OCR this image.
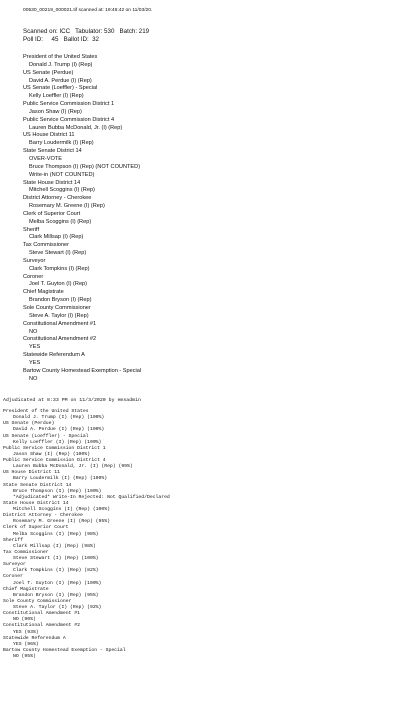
00530_00219_000021.tif scanned at: 19:46:42 on 11/03/20.
Scanned on: ICC   Tabulator: 530   Batch: 219
Poll ID:     45   Ballot ID:  32
President of the United States
Donald J. Trump (I) (Rep)
US Senate (Perdue)
David A. Perdue (I) (Rep)
US Senate (Loeffler) - Special
Kelly Loeffler (I) (Rep)
Public Service Commission District 1
Jason Shaw (I) (Rep)
Public Service Commission District 4
Lauren Bubba McDonald, Jr. (I) (Rep)
US House District 11
Barry Loudermilk (I) (Rep)
State Senate District 14
OVER-VOTE
Bruce Thompson (I) (Rep) (NOT COUNTED)
Write-in (NOT COUNTED)
State House District 14
Mitchell Scoggins (I) (Rep)
District Attorney - Cherokee
Rosemary M. Greene (I) (Rep)
Clerk of Superior Court
Melba Scoggins (I) (Rep)
Sheriff
Clark Millsap (I) (Rep)
Tax Commissioner
Steve Stewart (I) (Rep)
Surveyor
Clark Tompkins (I) (Rep)
Coroner
Joel T. Guyton (I) (Rep)
Chief Magistrate
Brandon Bryson (I) (Rep)
Sole County Commissioner
Steve A. Taylor (I) (Rep)
Constitutional Amendment #1
NO
Constitutional Amendment #2
YES
Statewide Referendum A
YES
Bartow County Homestead Exemption - Special
NO
Adjudicated at 8:33 PM on 11/3/2020 by emsadmin
President of the United States
Donald J. Trump (I) (Rep) (100%)
US Senate (Perdue)
David A. Perdue (I) (Rep) (100%)
US Senate (Loeffler) - Special
Kelly Loeffler (I) (Rep) (100%)
Public Service Commission District 1
Jason Shaw (I) (Rep) (100%)
Public Service Commission District 4
Lauren Bubba McDonald, Jr. (I) (Rep) (99%)
US House District 11
Barry Loudermilk (I) (Rep) (100%)
State Senate District 14
Bruce Thompson (I) (Rep) (100%)
*Adjudicated* Write-In Rejected: Not Qualified/Declared
State House District 14
Mitchell Scoggins (I) (Rep) (100%)
District Attorney - Cherokee
Rosemary M. Greene (I) (Rep) (95%)
Clerk of Superior Court
Melba Scoggins (I) (Rep) (98%)
Sheriff
Clark Millsap (I) (Rep) (98%)
Tax Commissioner
Steve Stewart (I) (Rep) (100%)
Surveyor
Clark Tompkins (I) (Rep) (82%)
Coroner
Joel T. Guyton (I) (Rep) (100%)
Chief Magistrate
Brandon Bryson (I) (Rep) (95%)
Sole County Commissioner
Steve A. Taylor (I) (Rep) (92%)
Constitutional Amendment #1
NO (90%)
Constitutional Amendment #2
YES (93%)
Statewide Referendum A
YES (96%)
Bartow County Homestead Exemption - Special
NO (95%)
